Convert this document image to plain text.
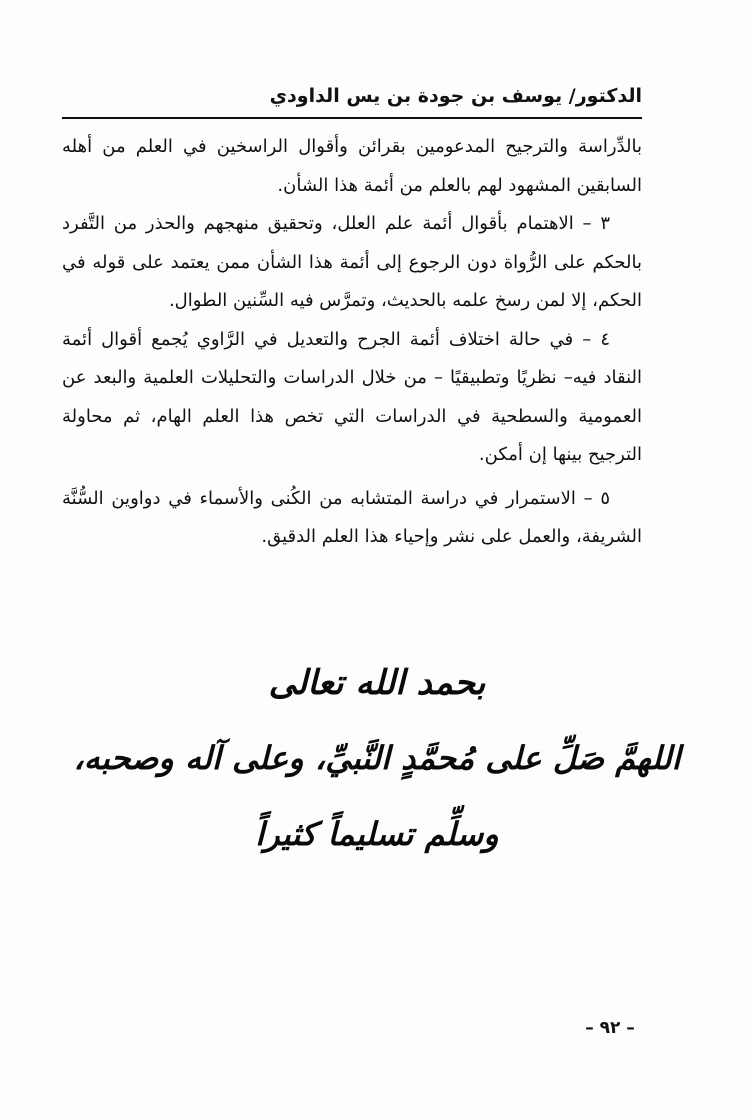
الدكتور/ يوسف بن جودة بن يس الداودي

بالدِّراسة والترجيح المدعومين بقرائن وأقوال الراسخين في العلم من أهله السابقين المشهود لهم بالعلم من أئمة هذا الشأن.

٣ – الاهتمام بأقوال أئمة علم العلل، وتحقيق منهجهم والحذر من التَّفرد بالحكم على الرُّواة دون الرجوع إلى أئمة هذا الشأن ممن يعتمد على قوله في الحكم، إلا لمن رسخ علمه بالحديث، وتمرَّس فيه السِّنين الطوال.

٤ – في حالة اختلاف أئمة الجرح والتعديل في الرَّاوي يُجمع أقوال أئمة النقاد فيه– نظريًا وتطبيقيًا – من خلال الدراسات والتحليلات العلمية والبعد عن العمومية والسطحية في الدراسات التي تخص هذا العلم الهام، ثم محاولة الترجيح بينها إن أمكن.

٥ – الاستمرار في دراسة المتشابه من الكُنى والأسماء في دواوين السُّنَّة الشريفة، والعمل على نشر وإحياء هذا العلم الدقيق.

بحمد الله تعالى
اللهمَّ صَلِّ على مُحمَّدٍ النَّبيِّ، وعلى آله وصحبه،
وسلِّم تسليماً كثيراً
– ٩٢ –
